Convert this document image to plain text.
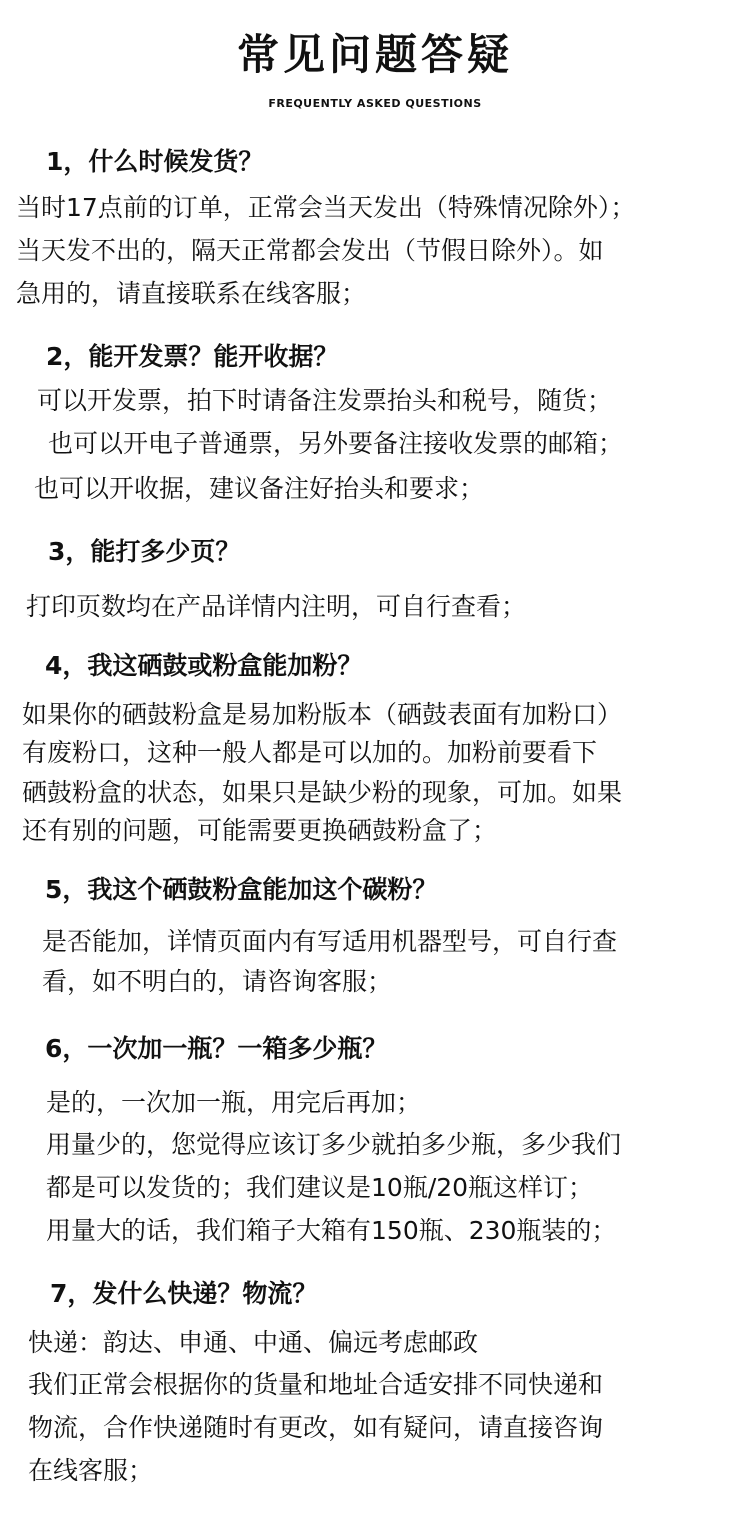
常见问题答疑
FREQUENTLY ASKED QUESTIONS
1，什么时候发货？
当时17点前的订单，正常会当天发出（特殊情况除外）；
当天发不出的，隔天正常都会发出（节假日除外）。如
急用的，请直接联系在线客服；
2，能开发票？能开收据？
可以开发票，拍下时请备注发票抬头和税号，随货；
也可以开电子普通票，另外要备注接收发票的邮箱；
也可以开收据，建议备注好抬头和要求；
3，能打多少页？
打印页数均在产品详情内注明，可自行查看；
4，我这硒鼓或粉盒能加粉？
如果你的硒鼓粉盒是易加粉版本（硒鼓表面有加粉口）
有废粉口，这种一般人都是可以加的。加粉前要看下
硒鼓粉盒的状态，如果只是缺少粉的现象，可加。如果
还有别的问题，可能需要更换硒鼓粉盒了；
5，我这个硒鼓粉盒能加这个碳粉？
是否能加，详情页面内有写适用机器型号，可自行查
看，如不明白的，请咨询客服；
6，一次加一瓶？一箱多少瓶？
是的，一次加一瓶，用完后再加；
用量少的，您觉得应该订多少就拍多少瓶，多少我们
都是可以发货的；我们建议是10瓶/20瓶这样订；
用量大的话，我们箱子大箱有150瓶、230瓶装的；
7，发什么快递？物流？
快递：韵达、申通、中通、偏远考虑邮政
我们正常会根据你的货量和地址合适安排不同快递和
物流，合作快递随时有更改，如有疑问，请直接咨询
在线客服；
